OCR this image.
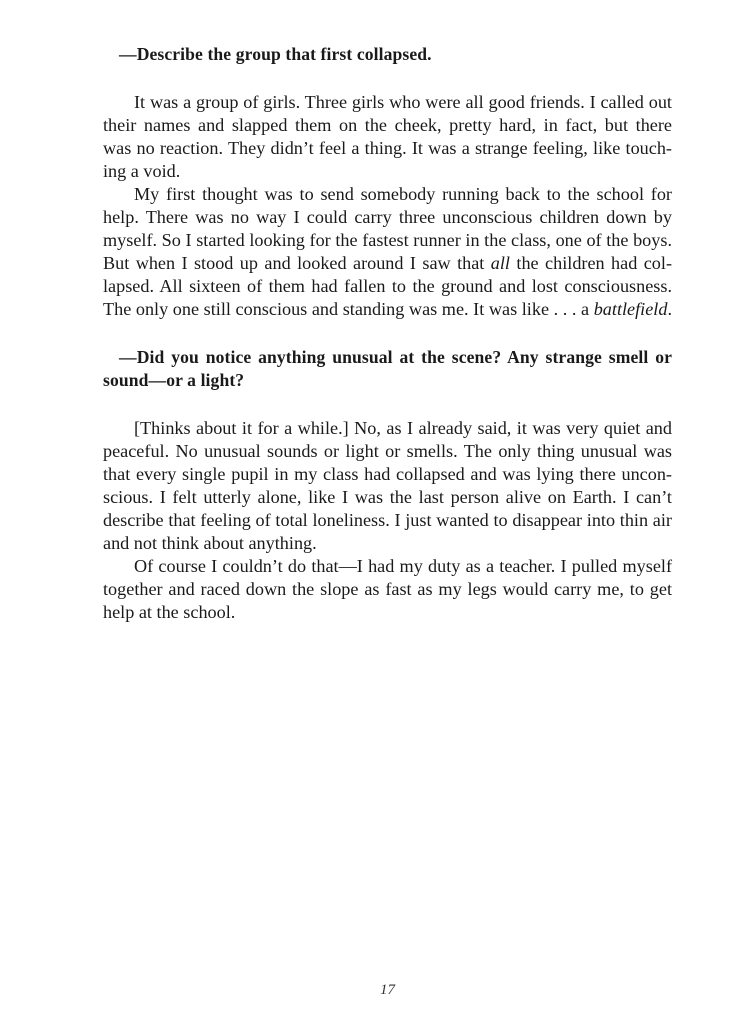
—Describe the group that first collapsed.
It was a group of girls. Three girls who were all good friends. I called out
their names and slapped them on the cheek, pretty hard, in fact, but there
was no reaction. They didn’t feel a thing. It was a strange feeling, like touch-
ing a void.
My first thought was to send somebody running back to the school for
help. There was no way I could carry three unconscious children down by
myself. So I started looking for the fastest runner in the class, one of the boys.
But when I stood up and looked around I saw that all the children had col-
lapsed. All sixteen of them had fallen to the ground and lost consciousness.
The only one still conscious and standing was me. It was like . . . a battlefield.
—Did you notice anything unusual at the scene? Any strange smell or
sound—or a light?
[Thinks about it for a while.] No, as I already said, it was very quiet and
peaceful. No unusual sounds or light or smells. The only thing unusual was
that every single pupil in my class had collapsed and was lying there uncon-
scious. I felt utterly alone, like I was the last person alive on Earth. I can’t
describe that feeling of total loneliness. I just wanted to disappear into thin air
and not think about anything.
Of course I couldn’t do that—I had my duty as a teacher. I pulled myself
together and raced down the slope as fast as my legs would carry me, to get
help at the school.
17
